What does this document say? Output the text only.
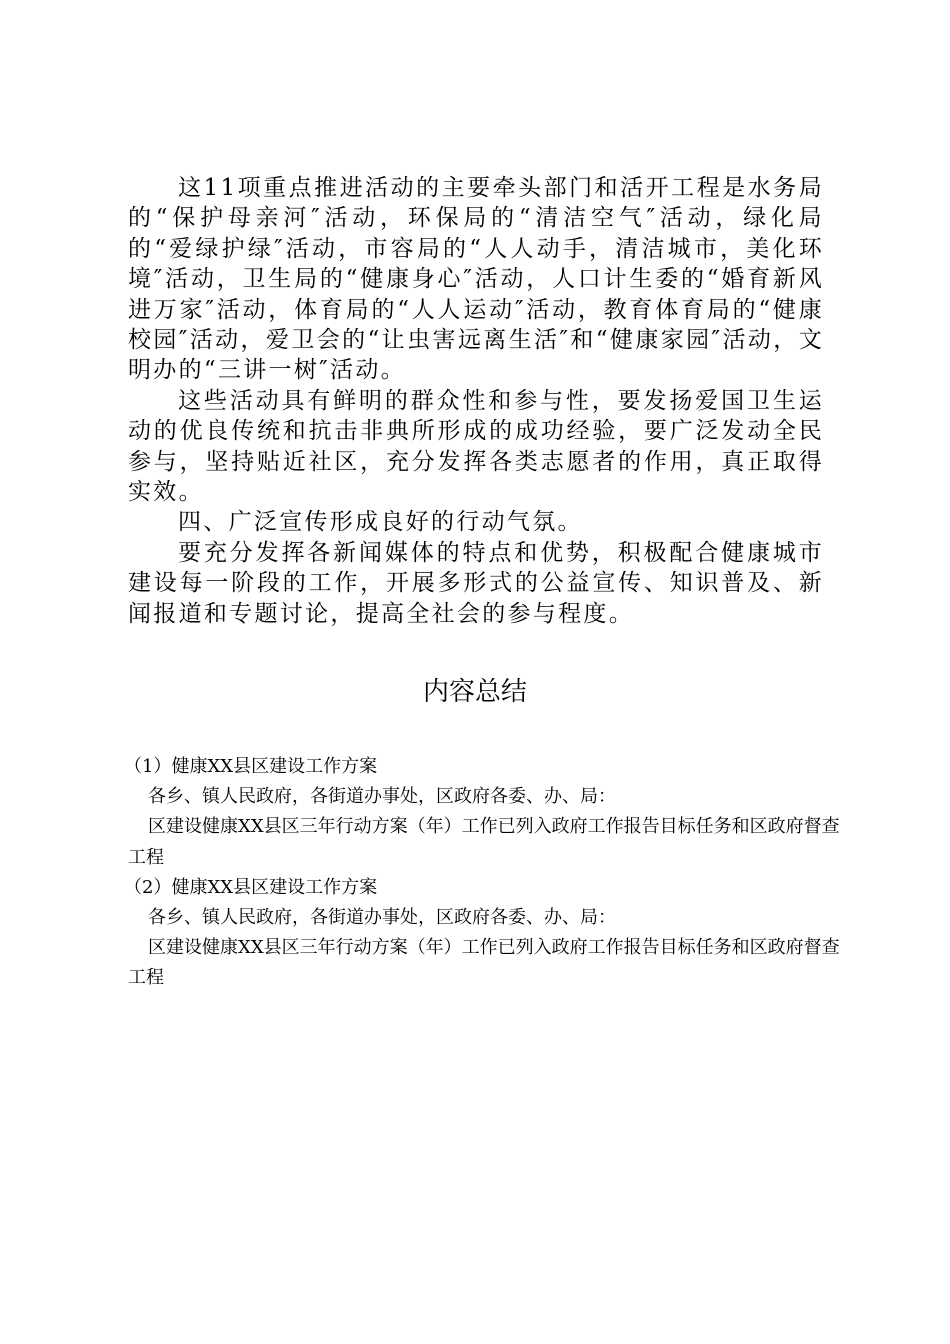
这11项重点推进活动的主要牵头部门和活开工程是水务局的“保护母亲河″活动，环保局的“清洁空气″活动，绿化局的“爱绿护绿″活动，市容局的“人人动手，清洁城市，美化环境″活动，卫生局的“健康身心″活动，人口计生委的“婚育新风进万家″活动，体育局的“人人运动″活动，教育体育局的“健康校园″活动，爱卫会的“让虫害远离生活″和“健康家园″活动，文明办的“三讲一树″活动。

这些活动具有鲜明的群众性和参与性，要发扬爱国卫生运动的优良传统和抗击非典所形成的成功经验，要广泛发动全民参与，坚持贴近社区，充分发挥各类志愿者的作用，真正取得实效。

四、广泛宣传形成良好的行动气氛。

要充分发挥各新闻媒体的特点和优势，积极配合健康城市建设每一阶段的工作，开展多形式的公益宣传、知识普及、新闻报道和专题讨论，提高全社会的参与程度。

内容总结

（1）健康XX县区建设工作方案

各乡、镇人民政府，各街道办事处，区政府各委、办、局：

区建设健康XX县区三年行动方案（年）工作已列入政府工作报告目标任务和区政府督查工程

（2）健康XX县区建设工作方案

各乡、镇人民政府，各街道办事处，区政府各委、办、局：

区建设健康XX县区三年行动方案（年）工作已列入政府工作报告目标任务和区政府督查工程
